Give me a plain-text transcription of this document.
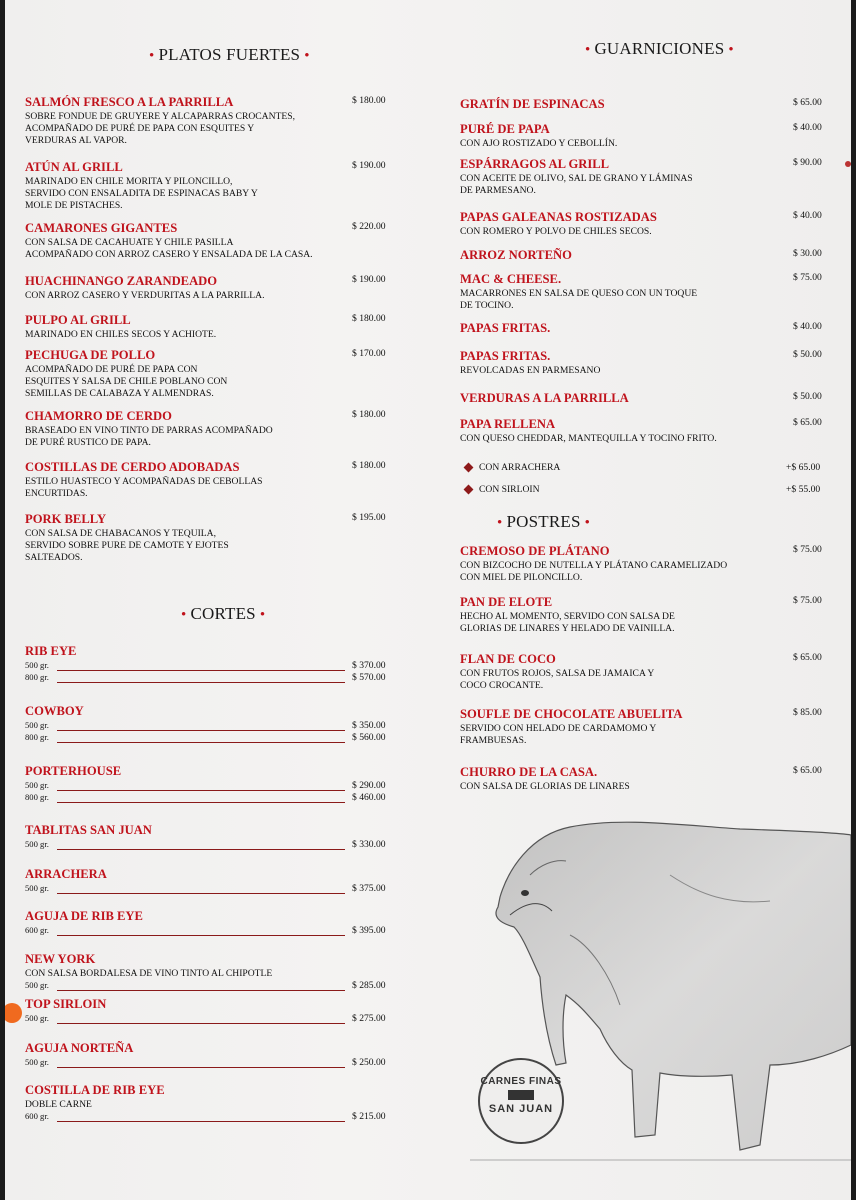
• PLATOS FUERTES •
• CORTES •
• GUARNICIONES •
• POSTRES •
SALMÓN FRESCO A LA PARRILLA	$ 180.00
SOBRE FONDUE DE GRUYERE Y ALCAPARRAS CROCANTES,
ACOMPAÑADO DE PURÉ DE PAPA CON ESQUITES Y
VERDURAS AL VAPOR.
ATÚN AL GRILL	$ 190.00
MARINADO EN CHILE MORITA Y PILONCILLO,
SERVIDO CON ENSALADITA DE ESPINACAS BABY Y
MOLE DE PISTACHES.
CAMARONES GIGANTES	$ 220.00
CON SALSA DE CACAHUATE Y CHILE PASILLA
ACOMPAÑADO CON ARROZ CASERO Y ENSALADA DE LA CASA.
HUACHINANGO ZARANDEADO	$ 190.00
CON ARROZ CASERO Y VERDURITAS A LA PARRILLA.
PULPO AL GRILL	$ 180.00
MARINADO EN CHILES SECOS Y ACHIOTE.
PECHUGA DE POLLO	$ 170.00
ACOMPAÑADO DE PURÉ DE PAPA CON
ESQUITES Y SALSA DE CHILE POBLANO CON
SEMILLAS DE CALABAZA Y ALMENDRAS.
CHAMORRO DE CERDO	$ 180.00
BRASEADO EN VINO TINTO DE PARRAS ACOMPAÑADO
DE PURÉ RUSTICO DE PAPA.
COSTILLAS DE CERDO ADOBADAS	$ 180.00
ESTILO HUASTECO Y ACOMPAÑADAS DE CEBOLLAS
ENCURTIDAS.
PORK BELLY	$ 195.00
CON SALSA DE CHABACANOS Y TEQUILA,
SERVIDO SOBRE PURE DE CAMOTE Y EJOTES
SALTEADOS.
RIB EYE
500 gr.	$ 370.00
800 gr.	$ 570.00
COWBOY
500 gr.	$ 350.00
800 gr.	$ 560.00
PORTERHOUSE
500 gr.	$ 290.00
800 gr.	$ 460.00
TABLITAS SAN JUAN
500 gr.	$ 330.00
ARRACHERA
500 gr.	$ 375.00
AGUJA DE RIB EYE
600 gr.	$ 395.00
NEW YORK
CON SALSA BORDALESA DE VINO TINTO AL CHIPOTLE
500 gr.	$ 285.00
TOP SIRLOIN
500 gr.	$ 275.00
AGUJA NORTEÑA
500 gr.	$ 250.00
COSTILLA DE RIB EYE
DOBLE CARNE
600 gr.	$ 215.00
GRATÍN DE ESPINACAS	$ 65.00
PURÉ DE PAPA	$ 40.00
CON AJO ROSTIZADO Y CEBOLLÍN.
ESPÁRRAGOS AL GRILL	$ 90.00
CON ACEITE DE OLIVO, SAL DE GRANO Y LÁMINAS
DE PARMESANO.
PAPAS GALEANAS ROSTIZADAS	$ 40.00
CON ROMERO Y POLVO DE CHILES SECOS.
ARROZ NORTEÑO	$ 30.00
MAC & CHEESE.	$ 75.00
MACARRONES EN SALSA DE QUESO CON UN TOQUE
DE TOCINO.
PAPAS FRITAS.	$ 40.00
PAPAS FRITAS.	$ 50.00
REVOLCADAS EN PARMESANO
VERDURAS A LA PARRILLA	$ 50.00
PAPA RELLENA	$ 65.00
CON QUESO CHEDDAR, MANTEQUILLA Y TOCINO FRITO.
CON ARRACHERA	+$ 65.00
CON SIRLOIN	+$ 55.00
CREMOSO DE PLÁTANO	$ 75.00
CON BIZCOCHO DE NUTELLA Y PLÁTANO CARAMELIZADO
CON MIEL DE PILONCILLO.
PAN DE ELOTE	$ 75.00
HECHO AL MOMENTO, SERVIDO CON SALSA DE
GLORIAS DE LINARES Y HELADO DE VAINILLA.
FLAN DE COCO	$ 65.00
CON FRUTOS ROJOS, SALSA DE JAMAICA Y
COCO CROCANTE.
SOUFLE DE CHOCOLATE ABUELITA	$ 85.00
SERVIDO CON HELADO DE CARDAMOMO Y
FRAMBUESAS.
CHURRO DE LA CASA.	$ 65.00
CON SALSA DE GLORIAS DE LINARES
CARNES FINAS
SAN JUAN
